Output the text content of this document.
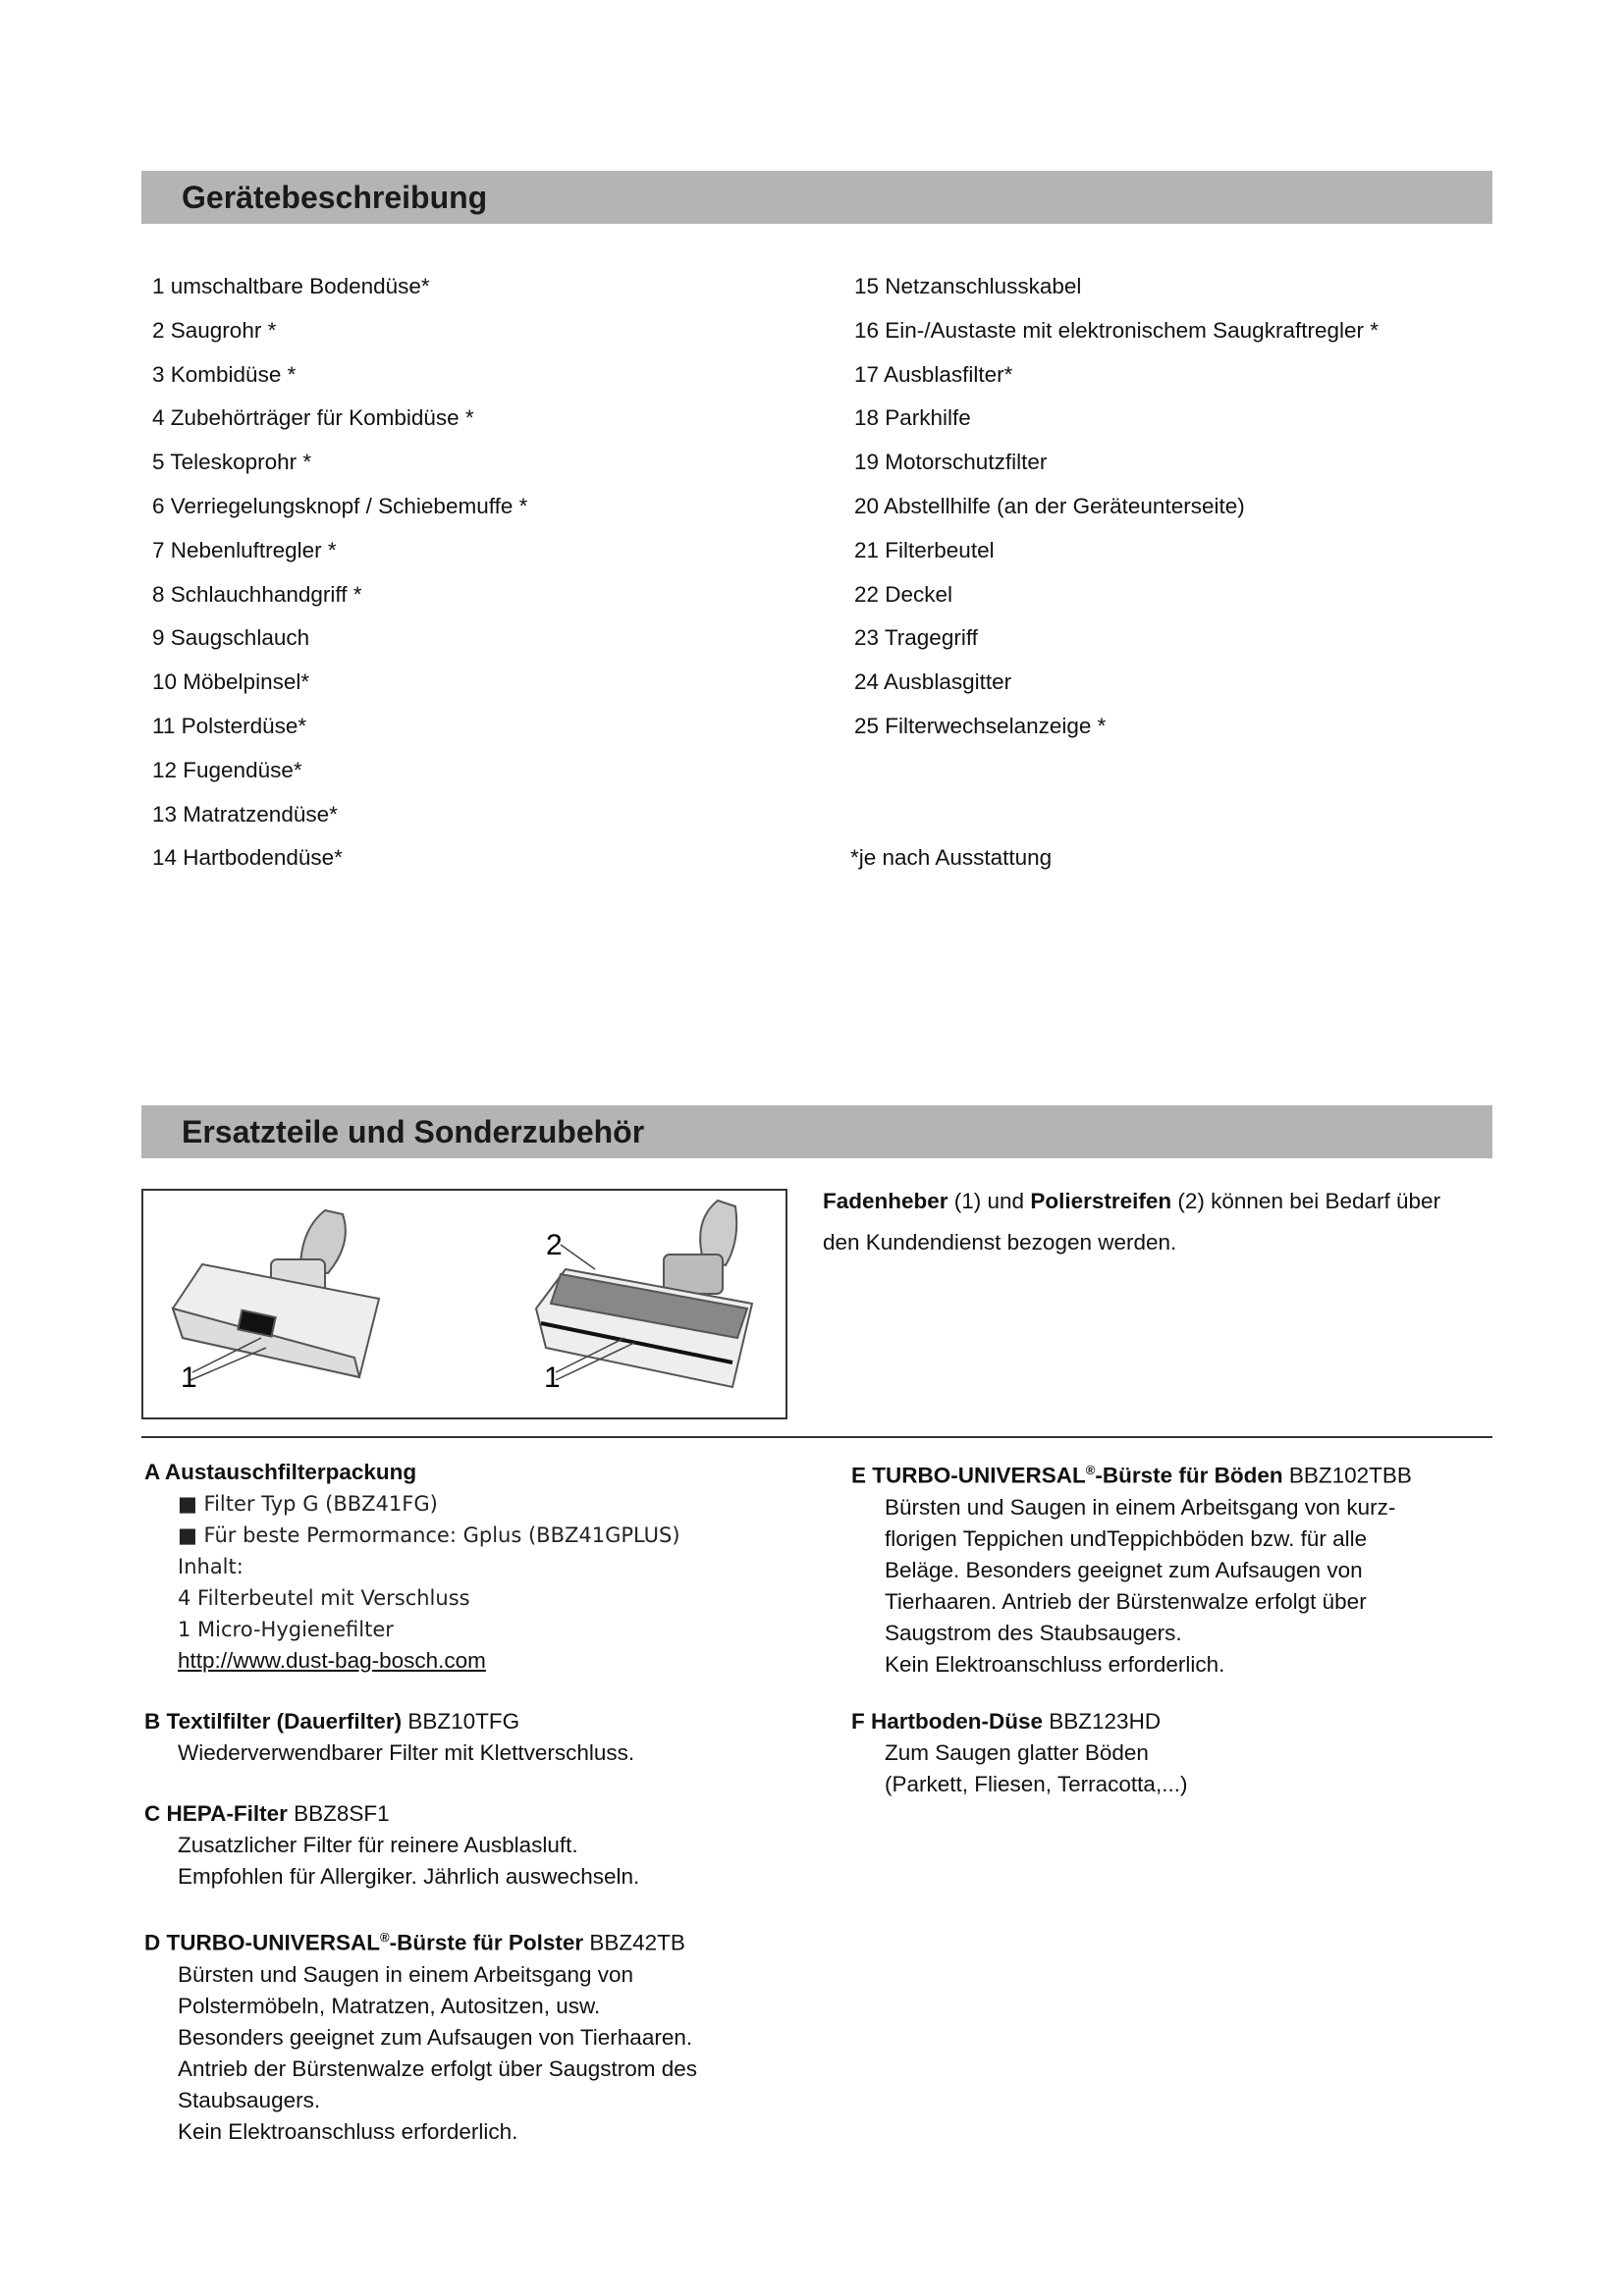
Gerätebeschreibung
1 umschaltbare Bodendüse*
2 Saugrohr *
3 Kombidüse *
4 Zubehörträger für Kombidüse *
5 Teleskoprohr *
6 Verriegelungsknopf / Schiebemuffe *
7 Nebenluftregler *
8 Schlauchhandgriff *
9 Saugschlauch
10 Möbelpinsel*
11 Polsterdüse*
12 Fugendüse*
13 Matratzendüse*
14 Hartbodendüse*
15 Netzanschlusskabel
16 Ein-/Austaste mit elektronischem Saugkraftregler *
17 Ausblasfilter*
18 Parkhilfe
19 Motorschutzfilter
20 Abstellhilfe (an der Geräteunterseite)
21 Filterbeutel
22 Deckel
23 Tragegriff
24 Ausblasgitter
25 Filterwechselanzeige *
*je nach Ausstattung
Ersatzteile und Sonderzubehör
1	1
2
Fadenheber (1) und Polierstreifen (2) können bei Bedarf über
den Kundendienst bezogen werden.
A Austauschfilterpackung
■ Filter Typ G (BBZ41FG)
■ Für beste Permormance: Gplus (BBZ41GPLUS)
Inhalt:
4 Filterbeutel mit Verschluss
1 Micro-Hygienefilter
http://www.dust-bag-bosch.com
B Textilfilter (Dauerfilter) BBZ10TFG
Wiederverwendbarer Filter mit Klettverschluss.
C HEPA-Filter BBZ8SF1
Zusatzlicher Filter für reinere Ausblasluft.
Empfohlen für Allergiker. Jährlich auswechseln.
D TURBO-UNIVERSAL®-Bürste für Polster BBZ42TB
Bürsten und Saugen in einem Arbeitsgang von
Polstermöbeln, Matratzen, Autositzen, usw.
Besonders geeignet zum Aufsaugen von Tierhaaren.
Antrieb der Bürstenwalze erfolgt über Saugstrom des
Staubsaugers.
Kein Elektroanschluss erforderlich.
E TURBO-UNIVERSAL®-Bürste für Böden BBZ102TBB
Bürsten und Saugen in einem Arbeitsgang von kurz-
florigen Teppichen undTeppichböden bzw. für alle
Beläge. Besonders geeignet zum Aufsaugen von
Tierhaaren. Antrieb der Bürstenwalze erfolgt über
Saugstrom des Staubsaugers.
Kein Elektroanschluss erforderlich.
F Hartboden-Düse BBZ123HD
Zum Saugen glatter Böden
(Parkett, Fliesen, Terracotta,...)
